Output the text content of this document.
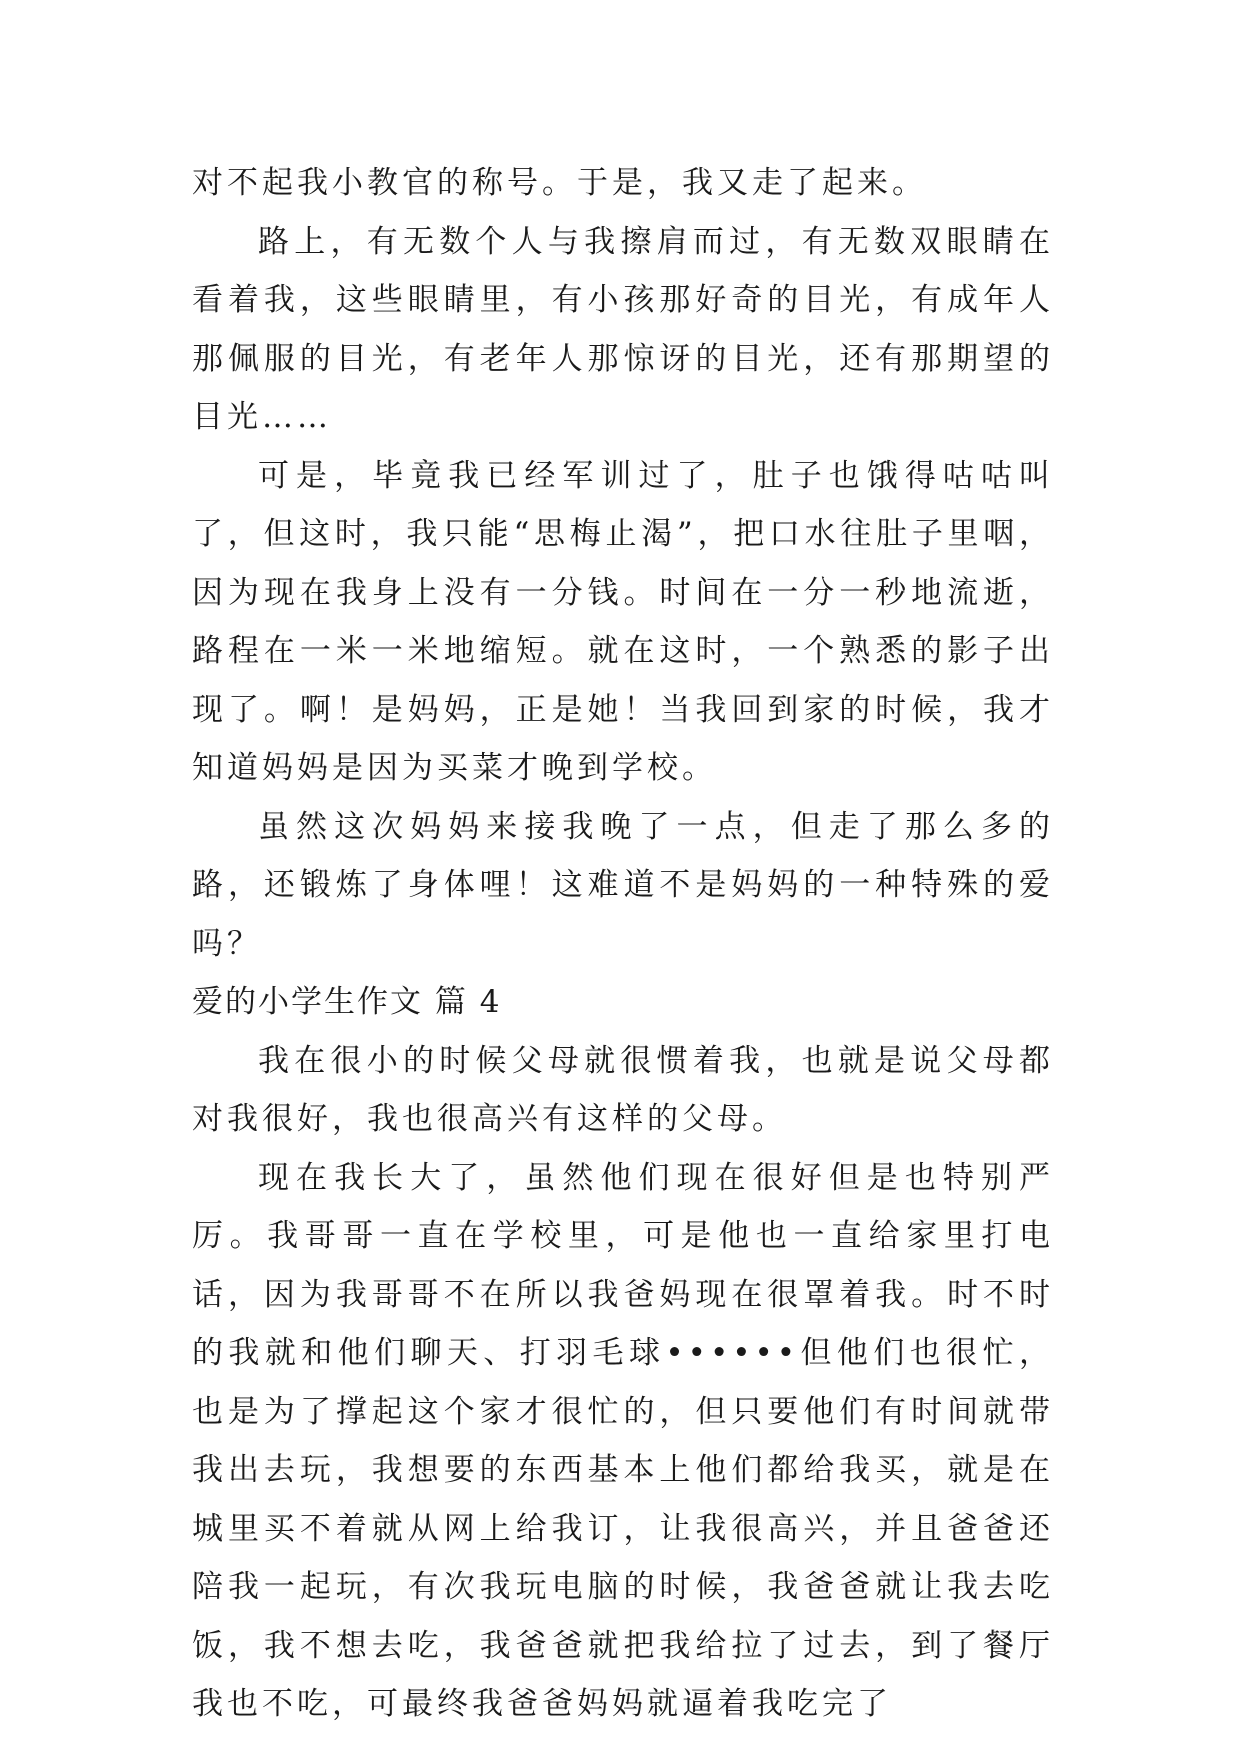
对不起我小教官的称号。于是，我又走了起来。

路上，有无数个人与我擦肩而过，有无数双眼睛在看着我，这些眼睛里，有小孩那好奇的目光，有成年人那佩服的目光，有老年人那惊讶的目光，还有那期望的目光……

可是，毕竟我已经军训过了，肚子也饿得咕咕叫了，但这时，我只能“思梅止渴”，把口水往肚子里咽，因为现在我身上没有一分钱。时间在一分一秒地流逝，路程在一米一米地缩短。就在这时，一个熟悉的影子出现了。啊！是妈妈，正是她！当我回到家的时候，我才知道妈妈是因为买菜才晚到学校。

虽然这次妈妈来接我晚了一点，但走了那么多的路，还锻炼了身体哩！这难道不是妈妈的一种特殊的爱吗？

爱的小学生作文 篇 4

我在很小的时候父母就很惯着我，也就是说父母都对我很好，我也很高兴有这样的父母。

现在我长大了，虽然他们现在很好但是也特别严厉。我哥哥一直在学校里，可是他也一直给家里打电话，因为我哥哥不在所以我爸妈现在很罩着我。时不时的我就和他们聊天、打羽毛球••••••但他们也很忙，也是为了撑起这个家才很忙的，但只要他们有时间就带我出去玩，我想要的东西基本上他们都给我买，就是在城里买不着就从网上给我订，让我很高兴，并且爸爸还陪我一起玩，有次我玩电脑的时候，我爸爸就让我去吃饭，我不想去吃，我爸爸就把我给拉了过去，到了餐厅我也不吃，可最终我爸爸妈妈就逼着我吃完了
